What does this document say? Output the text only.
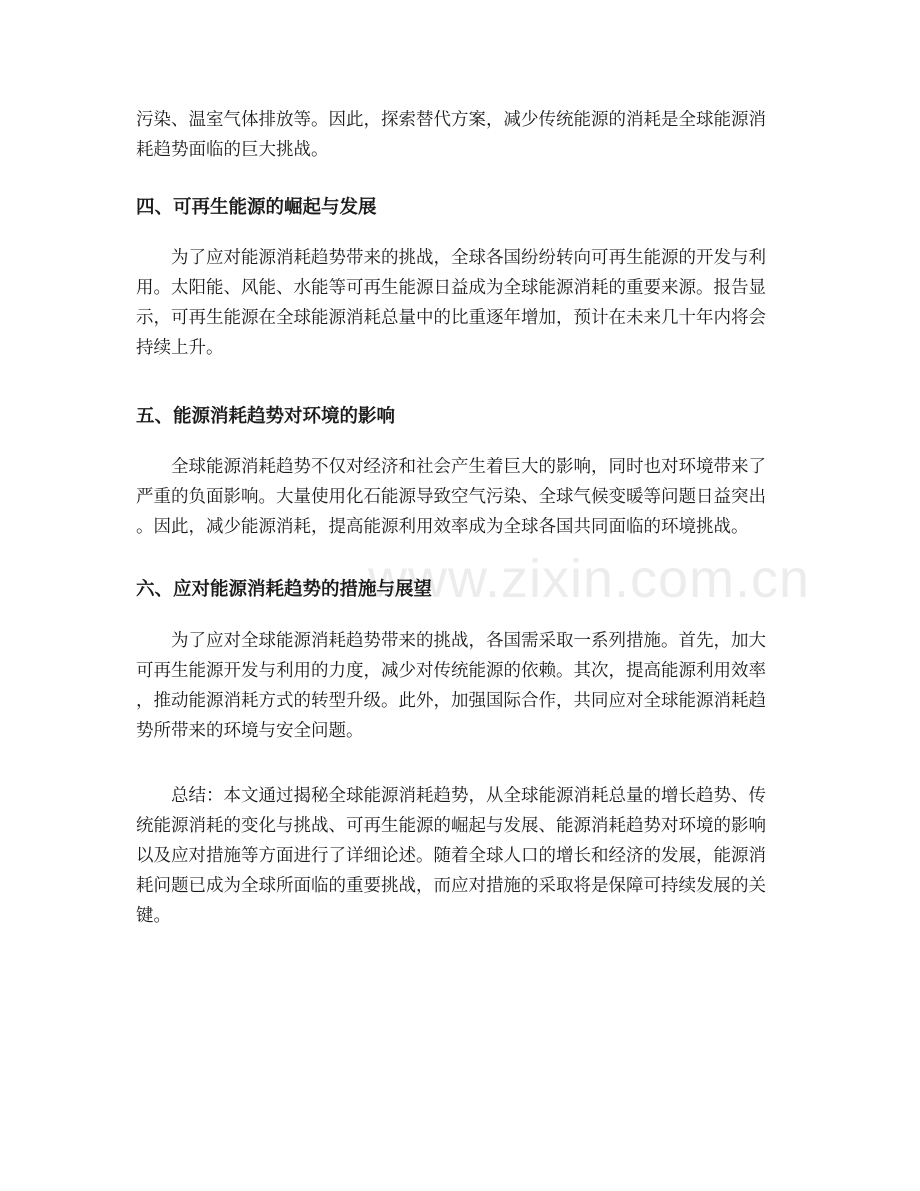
污染、温室气体排放等。因此，探索替代方案，减少传统能源的消耗是全球能源消
耗趋势面临的巨大挑战。
四、可再生能源的崛起与发展
　　为了应对能源消耗趋势带来的挑战，全球各国纷纷转向可再生能源的开发与利
用。太阳能、风能、水能等可再生能源日益成为全球能源消耗的重要来源。报告显
示，可再生能源在全球能源消耗总量中的比重逐年增加，预计在未来几十年内将会
持续上升。
五、能源消耗趋势对环境的影响
　　全球能源消耗趋势不仅对经济和社会产生着巨大的影响，同时也对环境带来了
严重的负面影响。大量使用化石能源导致空气污染、全球气候变暖等问题日益突出
。因此，减少能源消耗，提高能源利用效率成为全球各国共同面临的环境挑战。
六、应对能源消耗趋势的措施与展望
　　为了应对全球能源消耗趋势带来的挑战，各国需采取一系列措施。首先，加大
可再生能源开发与利用的力度，减少对传统能源的依赖。其次，提高能源利用效率
，推动能源消耗方式的转型升级。此外，加强国际合作，共同应对全球能源消耗趋
势所带来的环境与安全问题。
　　总结：本文通过揭秘全球能源消耗趋势，从全球能源消耗总量的增长趋势、传
统能源消耗的变化与挑战、可再生能源的崛起与发展、能源消耗趋势对环境的影响
以及应对措施等方面进行了详细论述。随着全球人口的增长和经济的发展，能源消
耗问题已成为全球所面临的重要挑战，而应对措施的采取将是保障可持续发展的关
键。
www.zixin.com.cn
